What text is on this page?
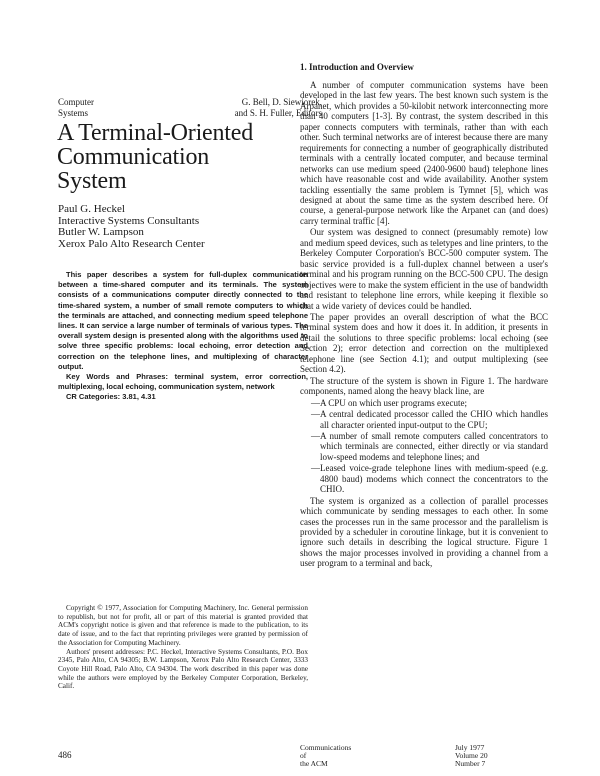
Computer
Systems
G. Bell, D. Siewiorek,
and S. H. Fuller, Editors
A Terminal-Oriented
Communication
System
Paul G. Heckel
Interactive Systems Consultants
Butler W. Lampson
Xerox Palo Alto Research Center

This paper describes a system for full-duplex communication between a time-shared computer and its terminals. The system consists of a communications computer directly connected to the time-shared system, a number of small remote computers to which the terminals are attached, and connecting medium speed telephone lines. It can service a large number of terminals of various types. The overall system design is presented along with the algorithms used to solve three specific problems: local echoing, error detection and correction on the telephone lines, and multiplexing of character output.

Key Words and Phrases: terminal system, error correction, multiplexing, local echoing, communication system, network

CR Categories: 3.81, 4.31

Copyright © 1977, Association for Computing Machinery, Inc. General permission to republish, but not for profit, all or part of this material is granted provided that ACM's copyright notice is given and that reference is made to the publication, to its date of issue, and to the fact that reprinting privileges were granted by permission of the Association for Computing Machinery.

Authors' present addresses: P.C. Heckel, Interactive Systems Consultants, P.O. Box 2345, Palo Alto, CA 94305; B.W. Lampson, Xerox Palo Alto Research Center, 3333 Coyote Hill Road, Palo Alto, CA 94304. The work described in this paper was done while the authors were employed by the Berkeley Computer Corporation, Berkeley, Calif.

486
1. Introduction and Overview

A number of computer communication systems have been developed in the last few years. The best known such system is the Arpanet, which provides a 50-kilobit network interconnecting more than 40 computers [1-3]. By contrast, the system described in this paper connects computers with terminals, rather than with each other. Such terminal networks are of interest because there are many requirements for connecting a number of geographically distributed terminals with a centrally located computer, and because terminal networks can use medium speed (2400-9600 baud) telephone lines which have reasonable cost and wide availability. Another system tackling essentially the same problem is Tymnet [5], which was designed at about the same time as the system described here. Of course, a general-purpose network like the Arpanet can (and does) carry terminal traffic [4].

Our system was designed to connect (presumably remote) low and medium speed devices, such as teletypes and line printers, to the Berkeley Computer Corporation's BCC-500 computer system. The basic service provided is a full-duplex channel between a user's terminal and his program running on the BCC-500 CPU. The design objectives were to make the system efficient in the use of bandwidth and resistant to telephone line errors, while keeping it flexible so that a wide variety of devices could be handled.

The paper provides an overall description of what the BCC terminal system does and how it does it. In addition, it presents in detail the solutions to three specific problems: local echoing (see Section 2); error detection and correction on the multiplexed telephone line (see Section 4.1); and output multiplexing (see Section 4.2).

The structure of the system is shown in Figure 1. The hardware components, named along the heavy black line, are

—A CPU on which user programs execute;
—A central dedicated processor called the CHIO which handles all character oriented input-output to the CPU;
—A number of small remote computers called concentrators to which terminals are connected, either directly or via standard low-speed modems and telephone lines; and
—Leased voice-grade telephone lines with medium-speed (e.g. 4800 baud) modems which connect the concentrators to the CHIO.

The system is organized as a collection of parallel processes which communicate by sending messages to each other. In some cases the processes run in the same processor and the parallelism is provided by a scheduler in coroutine linkage, but it is convenient to ignore such details in describing the logical structure. Figure 1 shows the major processes involved in providing a channel from a user program to a terminal and back,

Communications
of
the ACM
July 1977
Volume 20
Number 7
